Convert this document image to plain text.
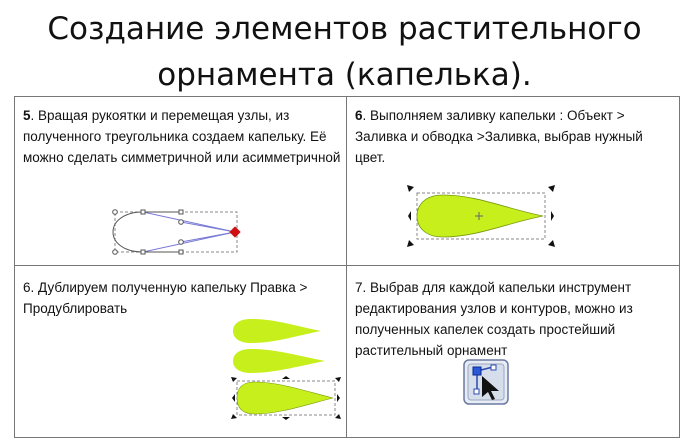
Создание элементов растительного
орнамента (капелька).
5. Вращая рукоятки и перемещая узлы, из полученного треугольника создаем капельку. Её можно сделать симметричной или асимметричной
6. Выполняем заливку капельки : Объект > Заливка и обводка >Заливка, выбрав нужный цвет.
6. Дублируем полученную капельку Правка > Продублировать
7. Выбрав для каждой капельки инструмент редактирования узлов и контуров, можно из полученных капелек создать простейший растительный орнамент
